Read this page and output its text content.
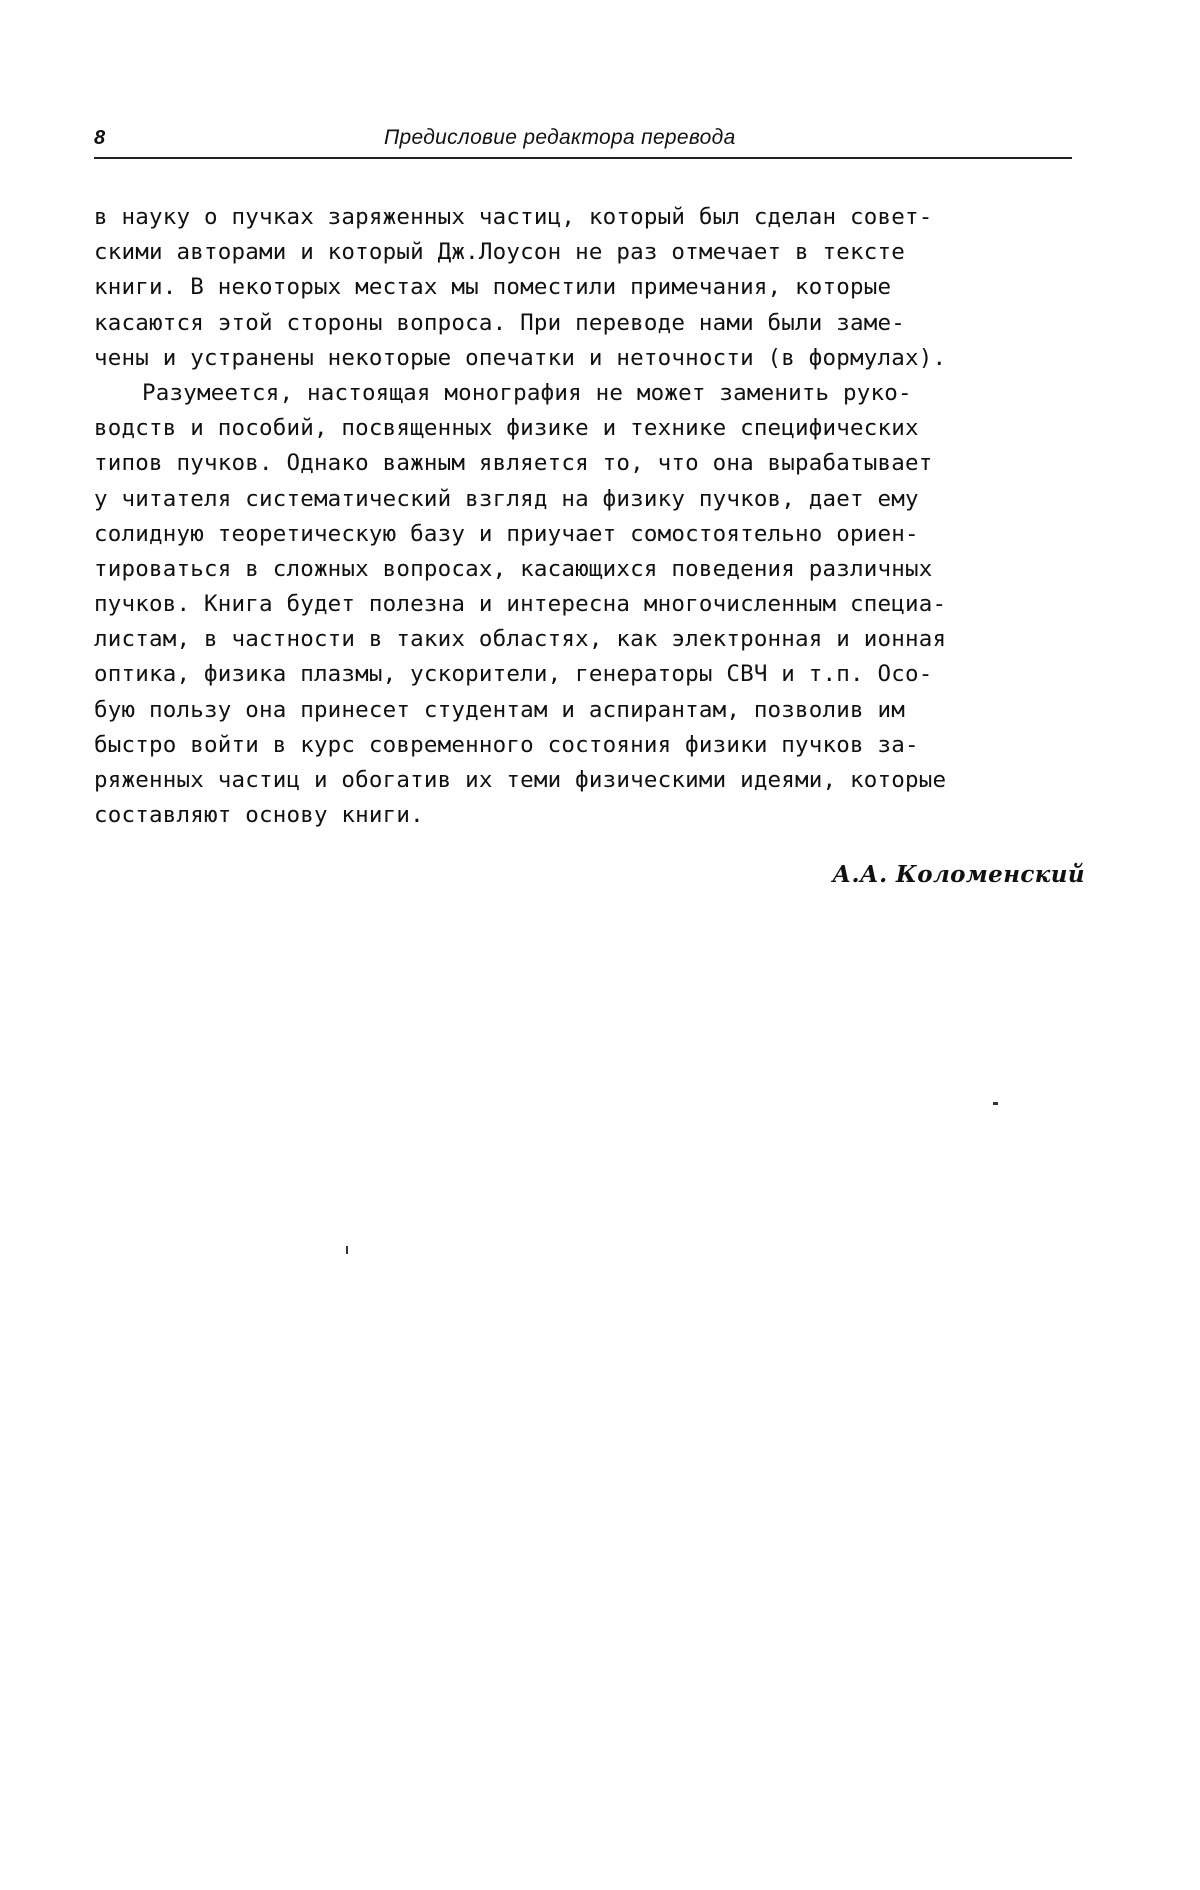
8	Предисловие редактора перевода
в науку о пучках заряженных частиц, который был сделан совет-
скими авторами и который Дж.Лоусон не раз отмечает в тексте
книги. В некоторых местах мы поместили примечания, которые
касаются этой стороны вопроса. При переводе нами были заме-
чены и устранены некоторые опечатки и неточности (в формулах).
Разумеется, настоящая монография не может заменить руко-
водств и пособий, посвященных физике и технике специфических
типов пучков. Однако важным является то, что она вырабатывает
у читателя систематический взгляд на физику пучков, дает ему
солидную теоретическую базу и приучает сомостоятельно ориен-
тироваться в сложных вопросах, касающихся поведения различных
пучков. Книга будет полезна и интересна многочисленным специа-
листам, в частности в таких областях, как электронная и ионная
оптика, физика плазмы, ускорители, генераторы СВЧ и т.п. Осо-
бую пользу она принесет студентам и аспирантам, позволив им
быстро войти в курс современного состояния физики пучков за-
ряженных частиц и обогатив их теми физическими идеями, которые
составляют основу книги.
А.А. Коломенский
